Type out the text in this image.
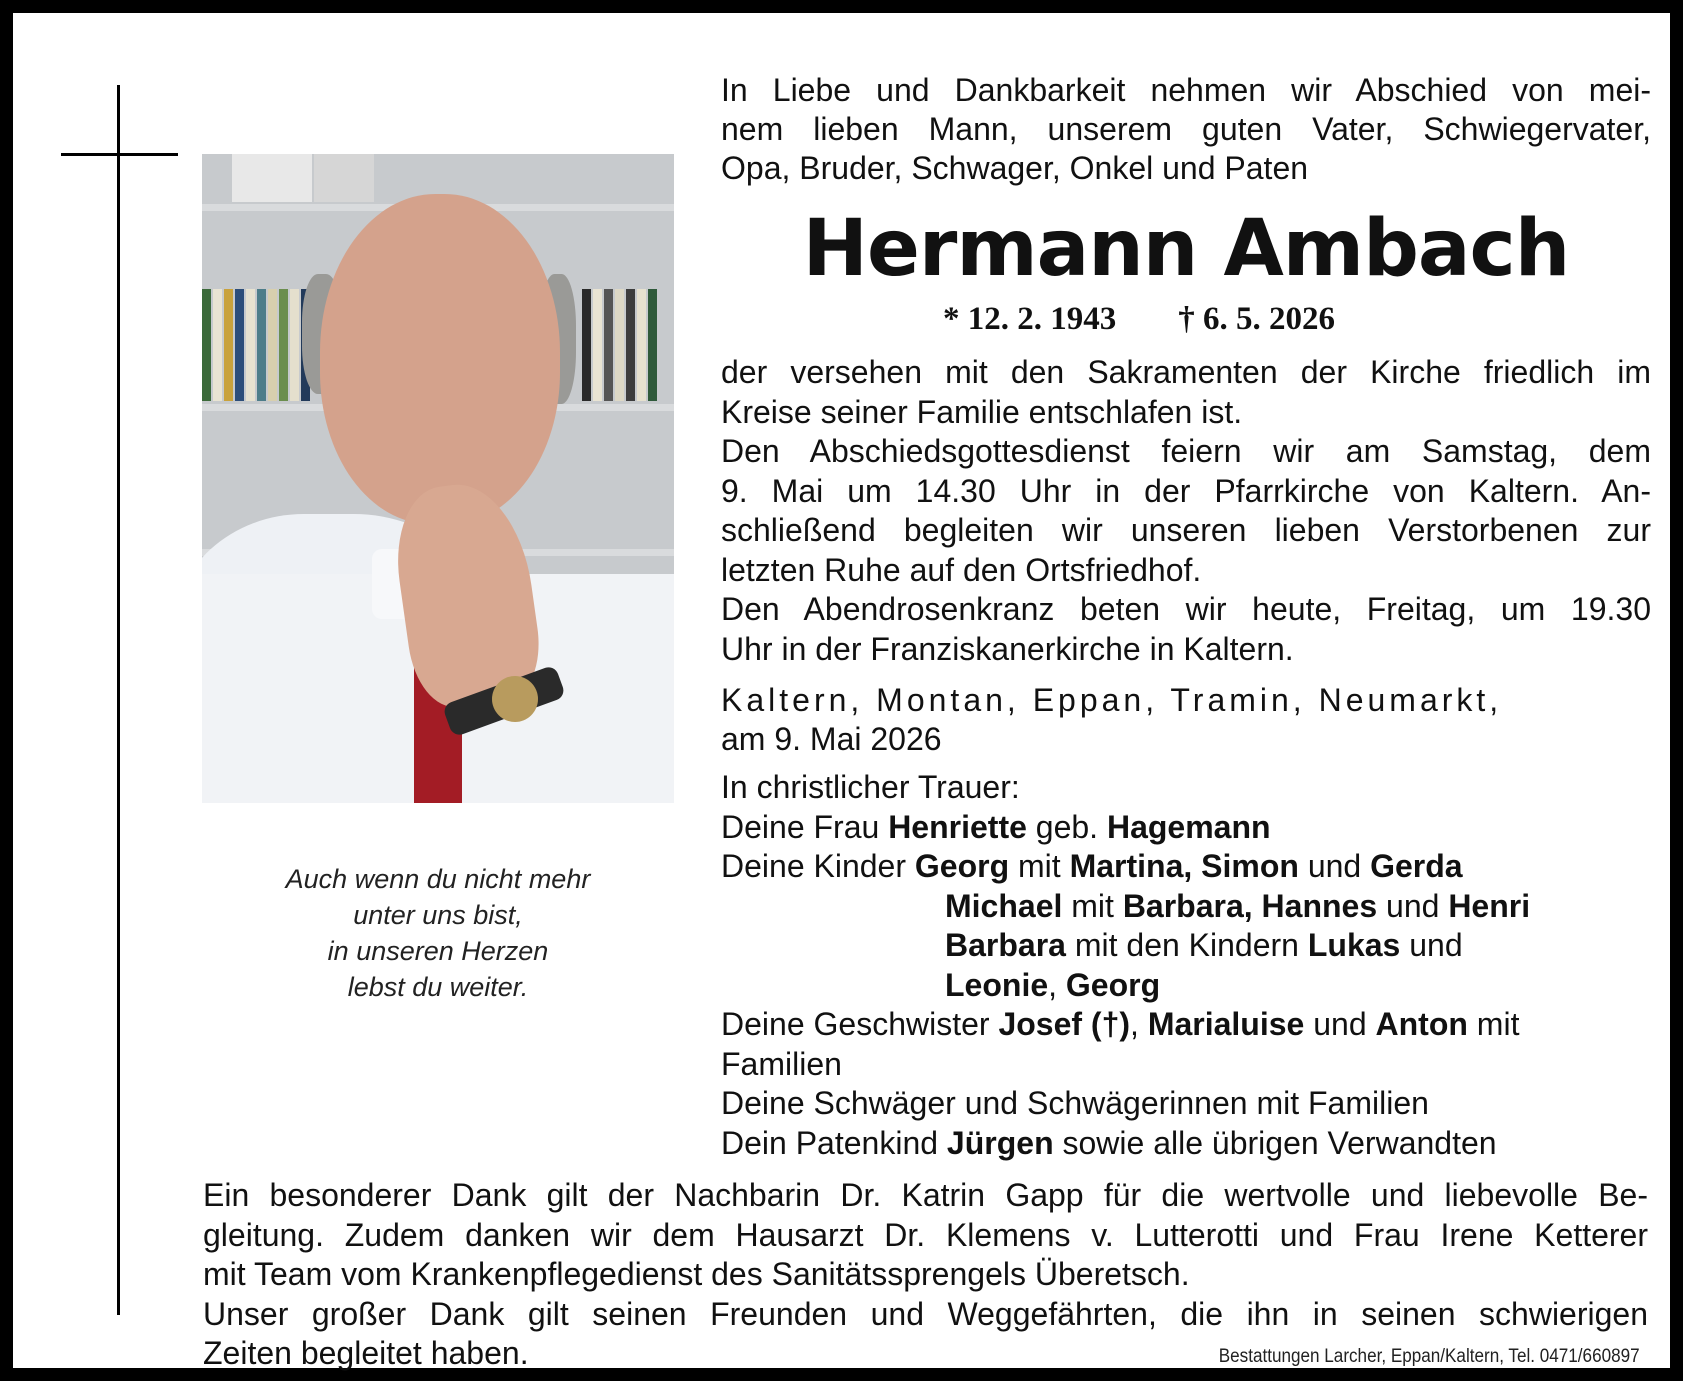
Auch wenn du nicht mehr
unter uns bist,
in unseren Herzen
lebst du weiter.
In Liebe und Dankbarkeit nehmen wir Abschied von mei-
nem lieben Mann, unserem guten Vater, Schwiegervater,
Opa, Bruder, Schwager, Onkel und Paten
Hermann Ambach
* 12. 2. 1943 † 6. 5. 2026
der versehen mit den Sakramenten der Kirche friedlich im
Kreise seiner Familie entschlafen ist.
Den Abschiedsgottesdienst feiern wir am Samstag, dem
9. Mai um 14.30 Uhr in der Pfarrkirche von Kaltern. An-
schließend begleiten wir unseren lieben Verstorbenen zur
letzten Ruhe auf den Ortsfriedhof.
Den Abendrosenkranz beten wir heute, Freitag, um 19.30
Uhr in der Franziskanerkirche in Kaltern.
Kaltern, Montan, Eppan, Tramin, Neumarkt,
am 9. Mai 2026
In christlicher Trauer:
Deine Frau Henriette geb. Hagemann
Deine Kinder Georg mit Martina, Simon und Gerda
Michael mit Barbara, Hannes und Henri
Barbara mit den Kindern Lukas und
Leonie, Georg
Deine Geschwister Josef (†), Marialuise und Anton mit
Familien
Deine Schwäger und Schwägerinnen mit Familien
Dein Patenkind Jürgen sowie alle übrigen Verwandten
Ein besonderer Dank gilt der Nachbarin Dr. Katrin Gapp für die wertvolle und liebevolle Be-
gleitung. Zudem danken wir dem Hausarzt Dr. Klemens v. Lutterotti und Frau Irene Ketterer
mit Team vom Krankenpflegedienst des Sanitätssprengels Überetsch.
Unser großer Dank gilt seinen Freunden und Weggefährten, die ihn in seinen schwierigen
Zeiten begleitet haben.	Bestattungen Larcher, Eppan/Kaltern, Tel. 0471/660897
